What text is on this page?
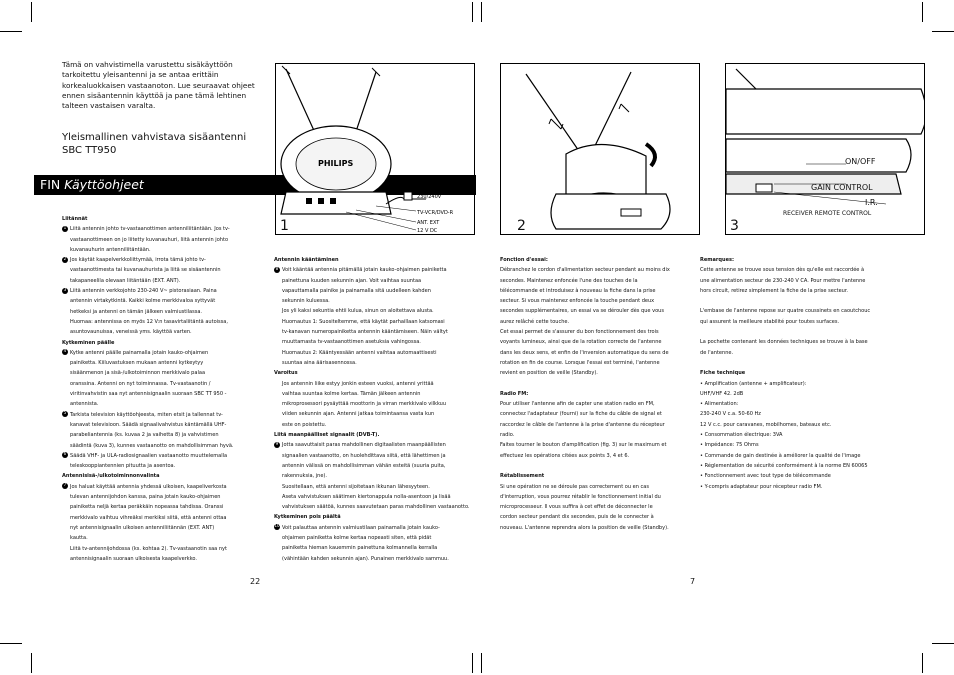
Tämä on vahvistimella varustettu sisäkäyttöön
tarkoitettu yleisantenni ja se antaa erittäin
korkealuokkaisen vastaanoton. Lue seuraavat ohjeet
ennen sisäantennin käyttöä ja pane tämä lehtinen
talteen vastaisen varalta.
Yleismallinen vahvistava sisäantenni
SBC TT950
FIN Käyttöohjeet
PHILIPS
230/240V
TV-VCR/DVD-R
ANT. EXT
12 V DC
1	2
ON/OFF
GAIN CONTROL
I.R.
RECEIVER REMOTE CONTROL
3
Liitännät
1 Liitä antennin johto tv-vastaanottimen antenniliitäntään. Jos tv-
vastaanottimeen on jo liitetty kuvanauhuri, liitä antennin johto
kuvanauhurin antenniliitäntään.
2 Jos käytät kaapelverkkoliittymää, irrota tämä johto tv-
vastaanottimesta tai kuvanauhurista ja liitä se sisäantennin
takapaneelila olevaan liitäntään (EXT. ANT).
3 Liitä antennin verkkojohto 230-240 V~ pistorasiaan. Paina
antennin virtakytkintä. Kaikki kolme merkkivaloa syttyvät
hetkeksi ja antenni on tämän jälkeen valmiustilassa.
Huomaa: antennissa on myös 12 V:n tasavirtaliitäntä autoissa,
asuntovaunuissa, veneissä yms. käyttöä varten.
Kytkeminen päälle
4 Kytke antenni päälle painamalla jotain kauko-ohjaimen
painiketta. Kiiluvastuksen mukaan antenni kytkeytyy
sisäänmenon ja sisä-/ulkotoiminnon merkkivalo palaa
oranssina. Antenni on nyt toiminnassa. Tv-vastaanotin /
viritinvahvistin saa nyt antennisignaalin suoraan SBC TT 950 -
antennista.
5 Tarkista television käyttöohjeesta, miten etsit ja tallennat tv-
kanavat televisioon. Säädä signaalivahvistus käntämällä UHF-
parabeliantennia (ks. kuvaa 2 ja vaihetta 8) ja vahvistimen
säädintä (kuva 3), kunnes vastaanotto on mahdollisimman hyvä.
6 Säädä VHF- ja ULA-radiosignaalien vastaanotto muuttelemalla
teleskooppiantennien pituutta ja asentoa.
Antennisisä-/ulkotoiminnonvalinta
7 Jos haluat käyttää antennia yhdessä ulkoisen, kaapeliverkosta
tulevan antennijohdon kanssa, paina jotain kauko-ohjaimen
painiketta neljä kertaa peräkkäin nopeassa tahdissa. Oranssi
merkkivalo vaihtuu vihreäksi merkiksi siitä, että antenni ottaa
nyt antennisignaalin ulkoisen antenniliitännän (EXT. ANT)
kautta.
Liitä tv-antennijohdossa (ks. kohtaa 2). Tv-vastaanotin saa nyt
antennisignaalin suoraan ulkoisesta kaapelverkko.
Antennin kääntäminen
8 Voit kääntää antennia pitämällä jotain kauko-ohjaimen painiketta
painettuna kuuden sekunnin ajan. Voit vaihtaa suuntaa
vapauttamalla painike ja painamalla sitä uudelleen kahden
sekunnin kuluessa.
Jos yli kaksi sekuntia ehtii kulua, sinun on aloitettava alusta.
Huomautus 1: Suositeltemme, että käytät parhaillaan katsomasi
tv-kanavan numeropainiketta antennin kääntämiseen. Näin vältyt
muuttamasta tv-vastaanottimen asetuksia vahingossa.
Huomautus 2: Kääntyessään antenni vaihtaa automaattisesti
suuntaa aina äärisasennossa.
Varoitus
Jos antennin liike estyy jonkin esteen vuoksi, antenni yrittää
vaihtaa suuntaa kolme kertaa. Tämän jälkeen antennin
mikroprosessori pysäyttää moottorin ja virran merkkivalo vilkkuu
viiden sekunnin ajan. Antenni jatkaa toimintaansa vasta kun
este on poistettu.
Liitä maanpäälliset signaalit (DVB-T).
9 Jotta saavuttaisit paras mahdollinen digitaalisten maanpäällisten
signaalien vastaanotto, on huolehdittava siitä, että lähettimen ja
antennin välissä on mahdollisimman vähän esteitä (suuria puita,
rakennuksia, jne).
Suositellaan, että antenni sijoitetaan ikkunan lähesyyteen.
Aseta vahvistuksen säätimen kiertonappula nolla-asentoon ja lisää
vahvistuksen säätöä, kunnes saavutetaan paras mahdollinen vastaanotto.
Kytkeminen pois päältä
10 Voit palauttaa antennin valmiustilaan painamalla jotain kauko-
ohjaimen painiketta kolme kertaa nopeasti siten, että pidät
painiketta hieman kauemmin painettuna kolmannella kerralla
(vähintään kahden sekunnin ajan). Punainen merkkivalo sammuu.
Fonction d'essai:
Débranchez le cordon d'alimentation secteur pendant au moins dix
secondes. Maintenez enfoncée l'une des touches de la
télécommande et introduisez à nouveau la fiche dans la prise
secteur. Si vous maintenez enfoncée la touche pendant deux
secondes supplémentaires, un essai va se dérouler dès que vous
aurez relâché cette touche.
Cet essai permet de s'assurer du bon fonctionnement des trois
voyants lumineux, ainsi que de la rotation correcte de l'antenne
dans les deux sens, et enfin de l'inversion automatique du sens de
rotation en fin de course. Lorsque l'essai est terminé, l'antenne
revient en position de veille (Standby).

Radio FM:
Pour utiliser l'antenne afin de capter une station radio en FM,
connectez l'adaptateur (fourni) sur la fiche du câble de signal et
raccordez le câble de l'antenne à la prise d'antenne du récepteur
radio.
Faites tourner le bouton d'amplification (fig. 3) sur le maximum et
effectuez les opérations citées aux points 3, 4 et 6.

Rétablissement
Si une opération ne se déroule pas correctement ou en cas
d'interruption, vous pourrez rétablir le fonctionnement initial du
microprocesseur. Il vous suffira à cet effet de déconnecter le
cordon secteur pendant dix secondes, puis de le connecter à
nouveau. L'antenne reprendra alors la position de veille (Standby).
Remarques:
Cette antenne se trouve sous tension dès qu'elle est raccordée à
une alimentation secteur de 230-240 V CA. Pour mettre l'antenne
hors circuit, retirez simplement la fiche de la prise secteur.

L'embase de l'antenne repose sur quatre coussinets en caoutchouc
qui assurent la meilleure stabilité pour toutes surfaces.

La pochette contenant les données techniques se trouve à la base
de l'antenne.

Fiche technique
• Amplification (antenne + amplificateur):
UHF/VHF 42. 2dB
• Alimentation:
230-240 V c.a. 50-60 Hz
12 V c.c. pour caravanes, mobilhomes, bateaux etc.
• Consommation électrique: 3VA
• Impédance: 75 Ohms
• Commande de gain destinée à améliorer la qualité de l'image
• Réglementation de sécurité conformément à la norme EN 60065
• Fonctionnement avec tout type de télécommande
• Y-compris adaptateur pour récepteur radio FM.
22	7
